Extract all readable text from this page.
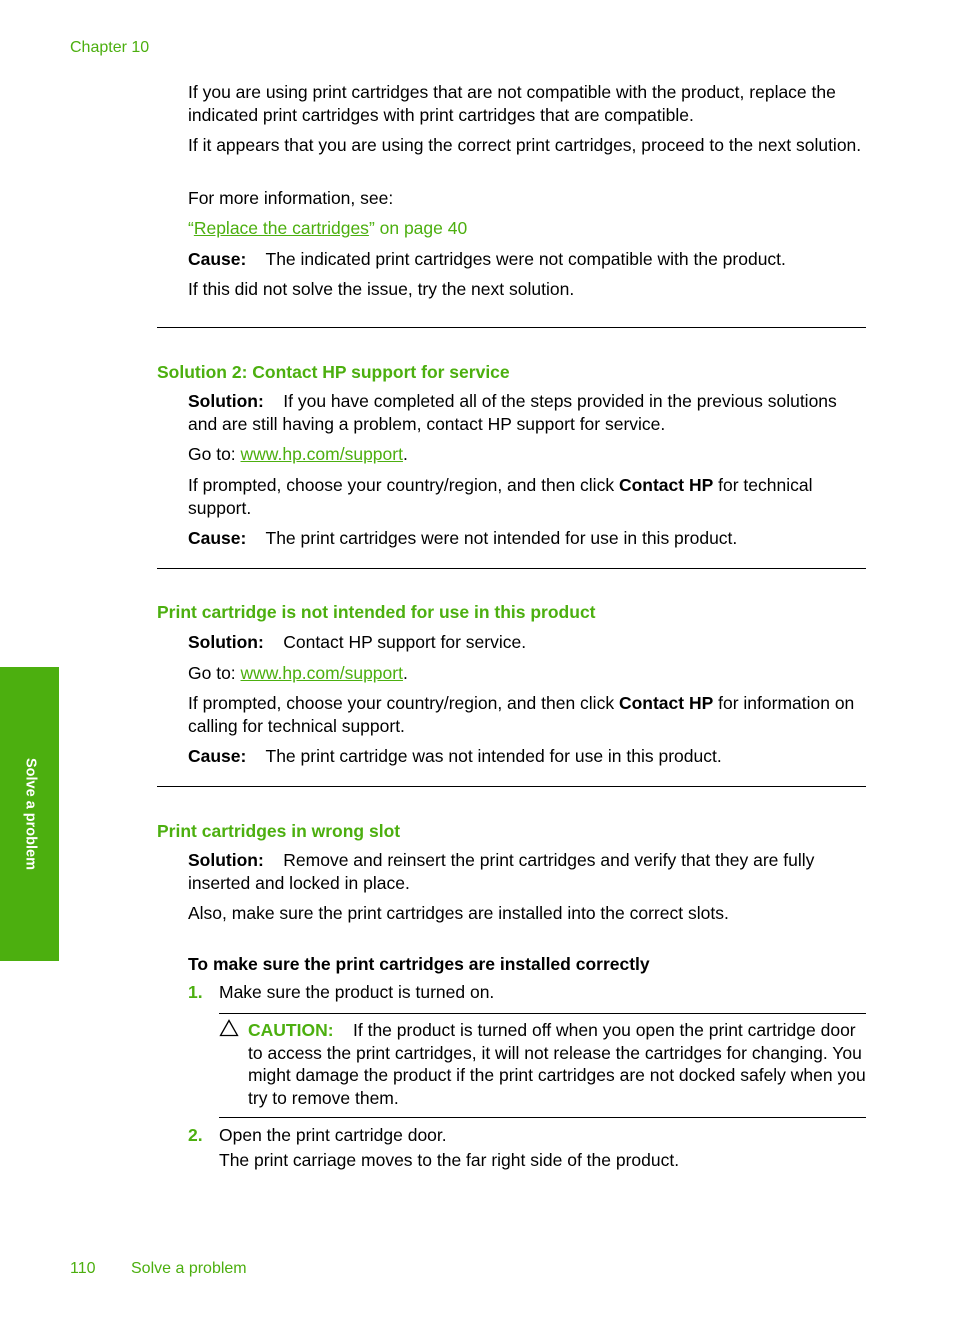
Chapter 10

If you are using print cartridges that are not compatible with the product, replace the indicated print cartridges with print cartridges that are compatible.

If it appears that you are using the correct print cartridges, proceed to the next solution.

For more information, see:

“Replace the cartridges” on page 40

Cause: The indicated print cartridges were not compatible with the product.

If this did not solve the issue, try the next solution.

Solution 2: Contact HP support for service

Solution: If you have completed all of the steps provided in the previous solutions and are still having a problem, contact HP support for service.

Go to: www.hp.com/support.

If prompted, choose your country/region, and then click Contact HP for technical support.

Cause: The print cartridges were not intended for use in this product.

Print cartridge is not intended for use in this product

Solution: Contact HP support for service.

Go to: www.hp.com/support.

If prompted, choose your country/region, and then click Contact HP for information on calling for technical support.

Cause: The print cartridge was not intended for use in this product.

Print cartridges in wrong slot

Solution: Remove and reinsert the print cartridges and verify that they are fully inserted and locked in place.

Also, make sure the print cartridges are installed into the correct slots.

To make sure the print cartridges are installed correctly

1. Make sure the product is turned on.

CAUTION: If the product is turned off when you open the print cartridge door to access the print cartridges, it will not release the cartridges for changing. You might damage the product if the print cartridges are not docked safely when you try to remove them.

2. Open the print cartridge door.

The print carriage moves to the far right side of the product.

Solve a problem
110 Solve a problem
